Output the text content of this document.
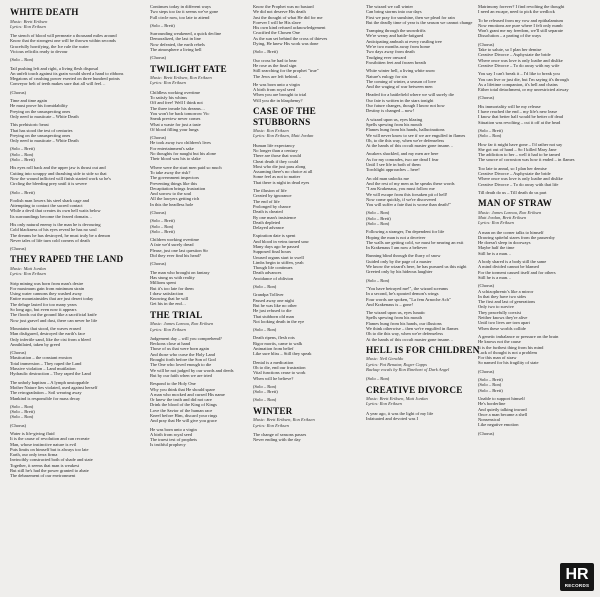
WHITE DEATH

Music: Brett Eriksen

Lyrics: Ron Eriksen

The stench of blood will permeate a thousand miles around
Know that the strongest one will be thrown within seconds
Gracefully horrifying, the Ice rule the water
Vicious relictlis ready to devour
(Solo – Ron)
Tail pushing left and right, a living flesh disposal
An unfelt touch against its grain would shred a hand to ribbons
Megatons of crushing power exerted on three hundred points
Conveyor belt of teeth makes sure that all will feel…
(Chorus)
Time and time again
He must prove his formidability
Preying on the unsuspecting ones
Only need to masticate – White Death
This prehistoric beast
That has stood the test of centuries
Preying on the unsuspecting ones
Only need to masticate – White Death
(Solo – Brett)
(Solo – Ron)
(Solo – Brett)
His eyes roll back and the upper jaw is thrust out and
Cutting into scrappy and thrashing side to side so that
Now the wound inflicted will finish started work so he's
Circling the bleeding prey until it is severe
(Solo – Brett)
Foolish man lowers his steel shark cage and
Attempting to contact the sacred contact
While a devil that creates its own hell waits below
Its surroundings become the feared domain…
His only natural enemy is the man he is devouring
Cold blackness of his eyes reveal he has no soul
The dreams he has destroyed, he must truly be a demon
Never tales of life turn cold corners of death
(Chorus)
THEY RAPED THE LAND

Music: Matt Jordan

Lyrics: Ron Eriksen

Strip mining was born from man's desire
For maximum gain from minimum strain
Using water cannons they washed away
Entire mountainsides that are just desert today
The deluge lasted for too many years
So long ago, but even now it appears
The floods cut the ground like a sacrificial knife
Now just gravel and dust, there can never be life
Mountains that stood, the waves erased
Man disfigured, destroyed the earth's face
Only infertile sand, like the cist from a bleed
Annihilated, taken by greed
(Chorus)
Mastication – the constant erosion
Total immersion – They raped the Land
Massive violation – Land mutilation
Hydraulic destruction – They raped the Land
The unholy baptism – A lymph unstoppable
Mother Nature lies violated, used against herself
The retrogradation – Soil wearing away
Mankind is responsible for mass decay
(Solo – Ron)
(Solo – Brett)
(Solo – Ron)
(Chorus)
Water is life-giving fluid
It is the cause of revolution and can recreate
Man, whose instinctive nature is evil
Puts limits on himself but is always too late
Earth, our only terra firma
Invincibly constructed both of shade and state
Together, it seems that man is weakest
But still he's had the power granted to abate
The debasement of our environment
Continues today in different ways
Two steps too far it seems we've gone
Full circle now, too late to attend
(Solo – Brett)
Surrounding weakened, a quick decline
Demoralized, the last in line
Now defeated, the earth rebels
The atmosphere a living hell
(Chorus)
TWILIGHT FATE

Music: Brett Eriksen, Ron Eriksen

Lyrics: Ron Eriksen

Childless working overtime
To satisfy his whims
Off and free! Well I think not
The three invade his dreams…
You won't be back tomorrow Vic
Sneak preview never comes
What a waste for just a taste
Of blood filling your lungs
(Chorus)
He took away two children's lives
For entertainment's sake
No thoughts for naught but his alone
Their blood was his to slake
Where were the sturt men paid so much
To take away the risk?
The government inspectors
Preventing things like this
Decapitation brings frustration
And sorrow to the soul
All the lawyers getting rich
In this the headless hole
(Chorus)
(Solo – Brett)
(Solo – Ron)
(Solo – Brett)
Children working overtime
A fate we'd surely dread
Please, just one last question Sir
Did they ever find his head?
(Chorus)
The man who brought on fantasy
Has stung us with reality
Millions spent
But it's too late for them
I draw satisfaction
Knowing that he will
Get his in the end…
THE TRIAL

Music: James Lareau, Ron Eriksen

Lyrics: Ron Eriksen

Judgement day – will you comprehend?
Beckons close at hand
Those of us that were born again
And those who curse the Holy Land
Brought forth before the Son of God
The One who loved enough to die
We will be not judged by our words and deeds
But by our faith when we are tried
Respond to the Holy One
Why you think that He should spare
A man who mocked and cursed His name
Or knew the truth and did not care
Drink the blood of the King of Kings
Love the Savior of the human race
Kneel before Him, discard your rings
And pray that He will give you grace
He was born unto a virgin
A birth from royal seed
The truest test of prophets
Is truthful prophecy
Know the Prophet was no bastard
We did not deserve His death
Just the thought of what He did for me
Forever I will be His slave
His own kind refused acknowledgement
Crucified the Chosen One
As the sun set behind the cross of thieves
Dying, He knew His work was done
(Solo – Brett)
Our cross be had to bear
He rose as the final sign
Still searching for the prophet "true"
The Jews are left behind…
He was born unto a virgin
A birth from royal seed
When you are brought to trial
Will you die in blasphemy?
CASE OF THE STUBBORNS

Music: Ron Eriksen

Lyrics: Ron Eriksen, Matt Jordan

Human life expectancy
No longer than a century
There are those that would
Cheat death if they could
Most who die just pass along
Assuming there's no choice at all
Some feel as not to matter
That there is night in dead eyes
The illusion of life
Created by ignorance
The end of life
Prolonged by chance
Death is cheated
By one man's insistence
Death depleted
Delayed advance
Expiration date is spent
And blood in veins turned sour
Many days ago he passed
Supposed final hours
Unused organs start to swell
Limbs begin to stiffen, yeah
Though life continues
Death advances
Avoidance of oblivion
(Solo – Ron)
Grandpa Tolliver
Passed away one night
But he was like no other
He just refused to die
That stubborn old man
Not looking death in the eye
(Solo – Ron)
Death ripens, flesh rots
Rigor mortis, came to walk
Animation from belief
Like sure bliss – Still they speak
Denial is a medication
Oh to die, end our frustration
Vital functions cease to work
When will he believe?
(Solo – Ron)
(Solo – Brett)
(Solo – Ron)
WINTER

Music: Brett Eriksen, Ron Eriksen

Lyrics: Ron Eriksen

The change of seasons passes
Never ending with the day
The wizard we call winter
Can bring storms into our days
First we pray for sunshine, then we plead for rain
But the deadly time of year is the season we cannot change
Tramping through the snowdrifts
We're weary and battle-fatigued
Anticipating ambush at every rustling tree
We're two months away from home
Two days away from death
Trudging ever onward
Frostbitten feet and frozen breath
White winter hell, a living white snow
Nature's eulogy for sin
The coming of winter, a season of love
And the waging of war between men
Headed for a battlefield where we will surely die
Our fate is written in the stars tonight
Our future changes, though I know not how
Destiny is changed – now!
A wizard upon us, eyes blazing
Spells spewing from his mouth
Flames hung from his hands, hallucinations
We will never know to see if we are engulfed in flames
Oh, to die this way, when we're defenseless
At the hands of this occult master gone insane…
Awakers shackled, and my men are here
As for my comrades, two are dead I fear
Until I see life in both of them
Torchlight approaches – here!
An old man unlocks me
And the rest of my men as he speaks these words
"I am Krakenaus, you must follow me
We will escape from this forsaken pit of hell!
Now come quickly, if we're discovered
You will suffer a fate that is worse than death!"
(Solo – Ron)
(Solo – Brett)
(Solo – Ron)
Following a stranger, I'm dependent for life
Hoping the man is not a deceiver
The walls are getting cold, we must be nearing an exit
In Krakenaus I am now a believer
Running blind through the flurry of snow
Guided only by the page of a master
We know the wizard's here, he has pursued us this night
Greeted only by his hideous laughter
(Solo – Ron)
"You have betrayed me!", the wizard screams
In a second, he's spouted demon's wings
Four words are spoken, "La fem Arnoche Ach"
And Krakenaus is – gone!
The wizard upon us, eyes lunatic
Spells spewing from his mouth
Flames hung from his hands, our illusions
We think otherwise – then we're engulfed in flames
Oh to die this way, when we're defenseless
At the hands of this occult master gone insane…
HELL IS FOR CHILDREN

Music: Neil Geraldo

Lyrics: Pat Benatar, Roger Capps

Backup vocals by Ron Rinehart of Dark Angel

(Solo – Ron)
CREATIVE DIVORCE

Music: Brett Eriksen, Matt Jordan

Lyrics: Ron Eriksen

A year ago, it was the light of my life
Infatuated and devoted was I
Matrimony forever? I find revolting the thought
I need an escape, need to pick the wedlock
To be released from my vow and epithalamium
Now emotions are pure where I felt only numb
Won't grant me my freedom, we'll still separate
Dissolution – a parting of the ways
(Chorus)
Take to salute, so I plan her demise
Creative Divorce – Asphyxiate the bride
Where once was love is only loathe and dislike
Creative Divorce – To do away with my wife
You say I can't break it – I'd like to break you
You can live or just die, but I'm saying it's through
As a lifetime companion, it's hell and chains
Either total detachment, or my unrestricted airway
(Chorus)
His immortality will be my release
I have reached the end – my life's new lease
I know that better half would be better off dead
Situation was revolting – cut it off at the head
(Solo – Brett)
(Solo – Ron)
How far it might have gone – I'd rather not say
She got out of hand – So I killed Mary Jane
The addiction to her – well it had to be tamed
The source of corrosion was how it ended – in flames
Too late to annul, so I plan her demise
Creative Divorce – Asphyxiate the bride
Where once was love is only loathe and dislike
Creative Divorce – To do away with that life
Till death do us – Till death do us part
MAN OF STRAW

Music: James Lareau, Ron Eriksen

Matt Jordan, Brett Eriksen

Lyrics: Ron Eriksen

A man on the corner talks to himself
Drawing spiteful stares from the passersby
He doesn't sleep in doorways
Maybe half the time
Still he is a man…
A body shared is a body still the same
A mind divided cannot be blamed
For the torment caused itself and for others
Still he is a man…
(Chorus)
A schizophrenic's like a mirror
In that they have two sides
The first and last of generations
Only two to survive
They peacefully coexist
Neither knows they're alive
Until two lives are torn apart
When these worlds collide
A genetic imbalance or pressure on the brain
He knows not the cause
It is the furthest thing from his mind
Lack of thought is not a problem
For this man of straw
So named for his fragility of state
(Chorus)
(Solo – Brett)
(Solo – Ron)
(Solo – Brett)
Unable to support himself
He's borderline
And quietly talking inward
Once a man became a shell
Nonsensical
Like negative emotion
(Chorus)
HR
RECORDS
